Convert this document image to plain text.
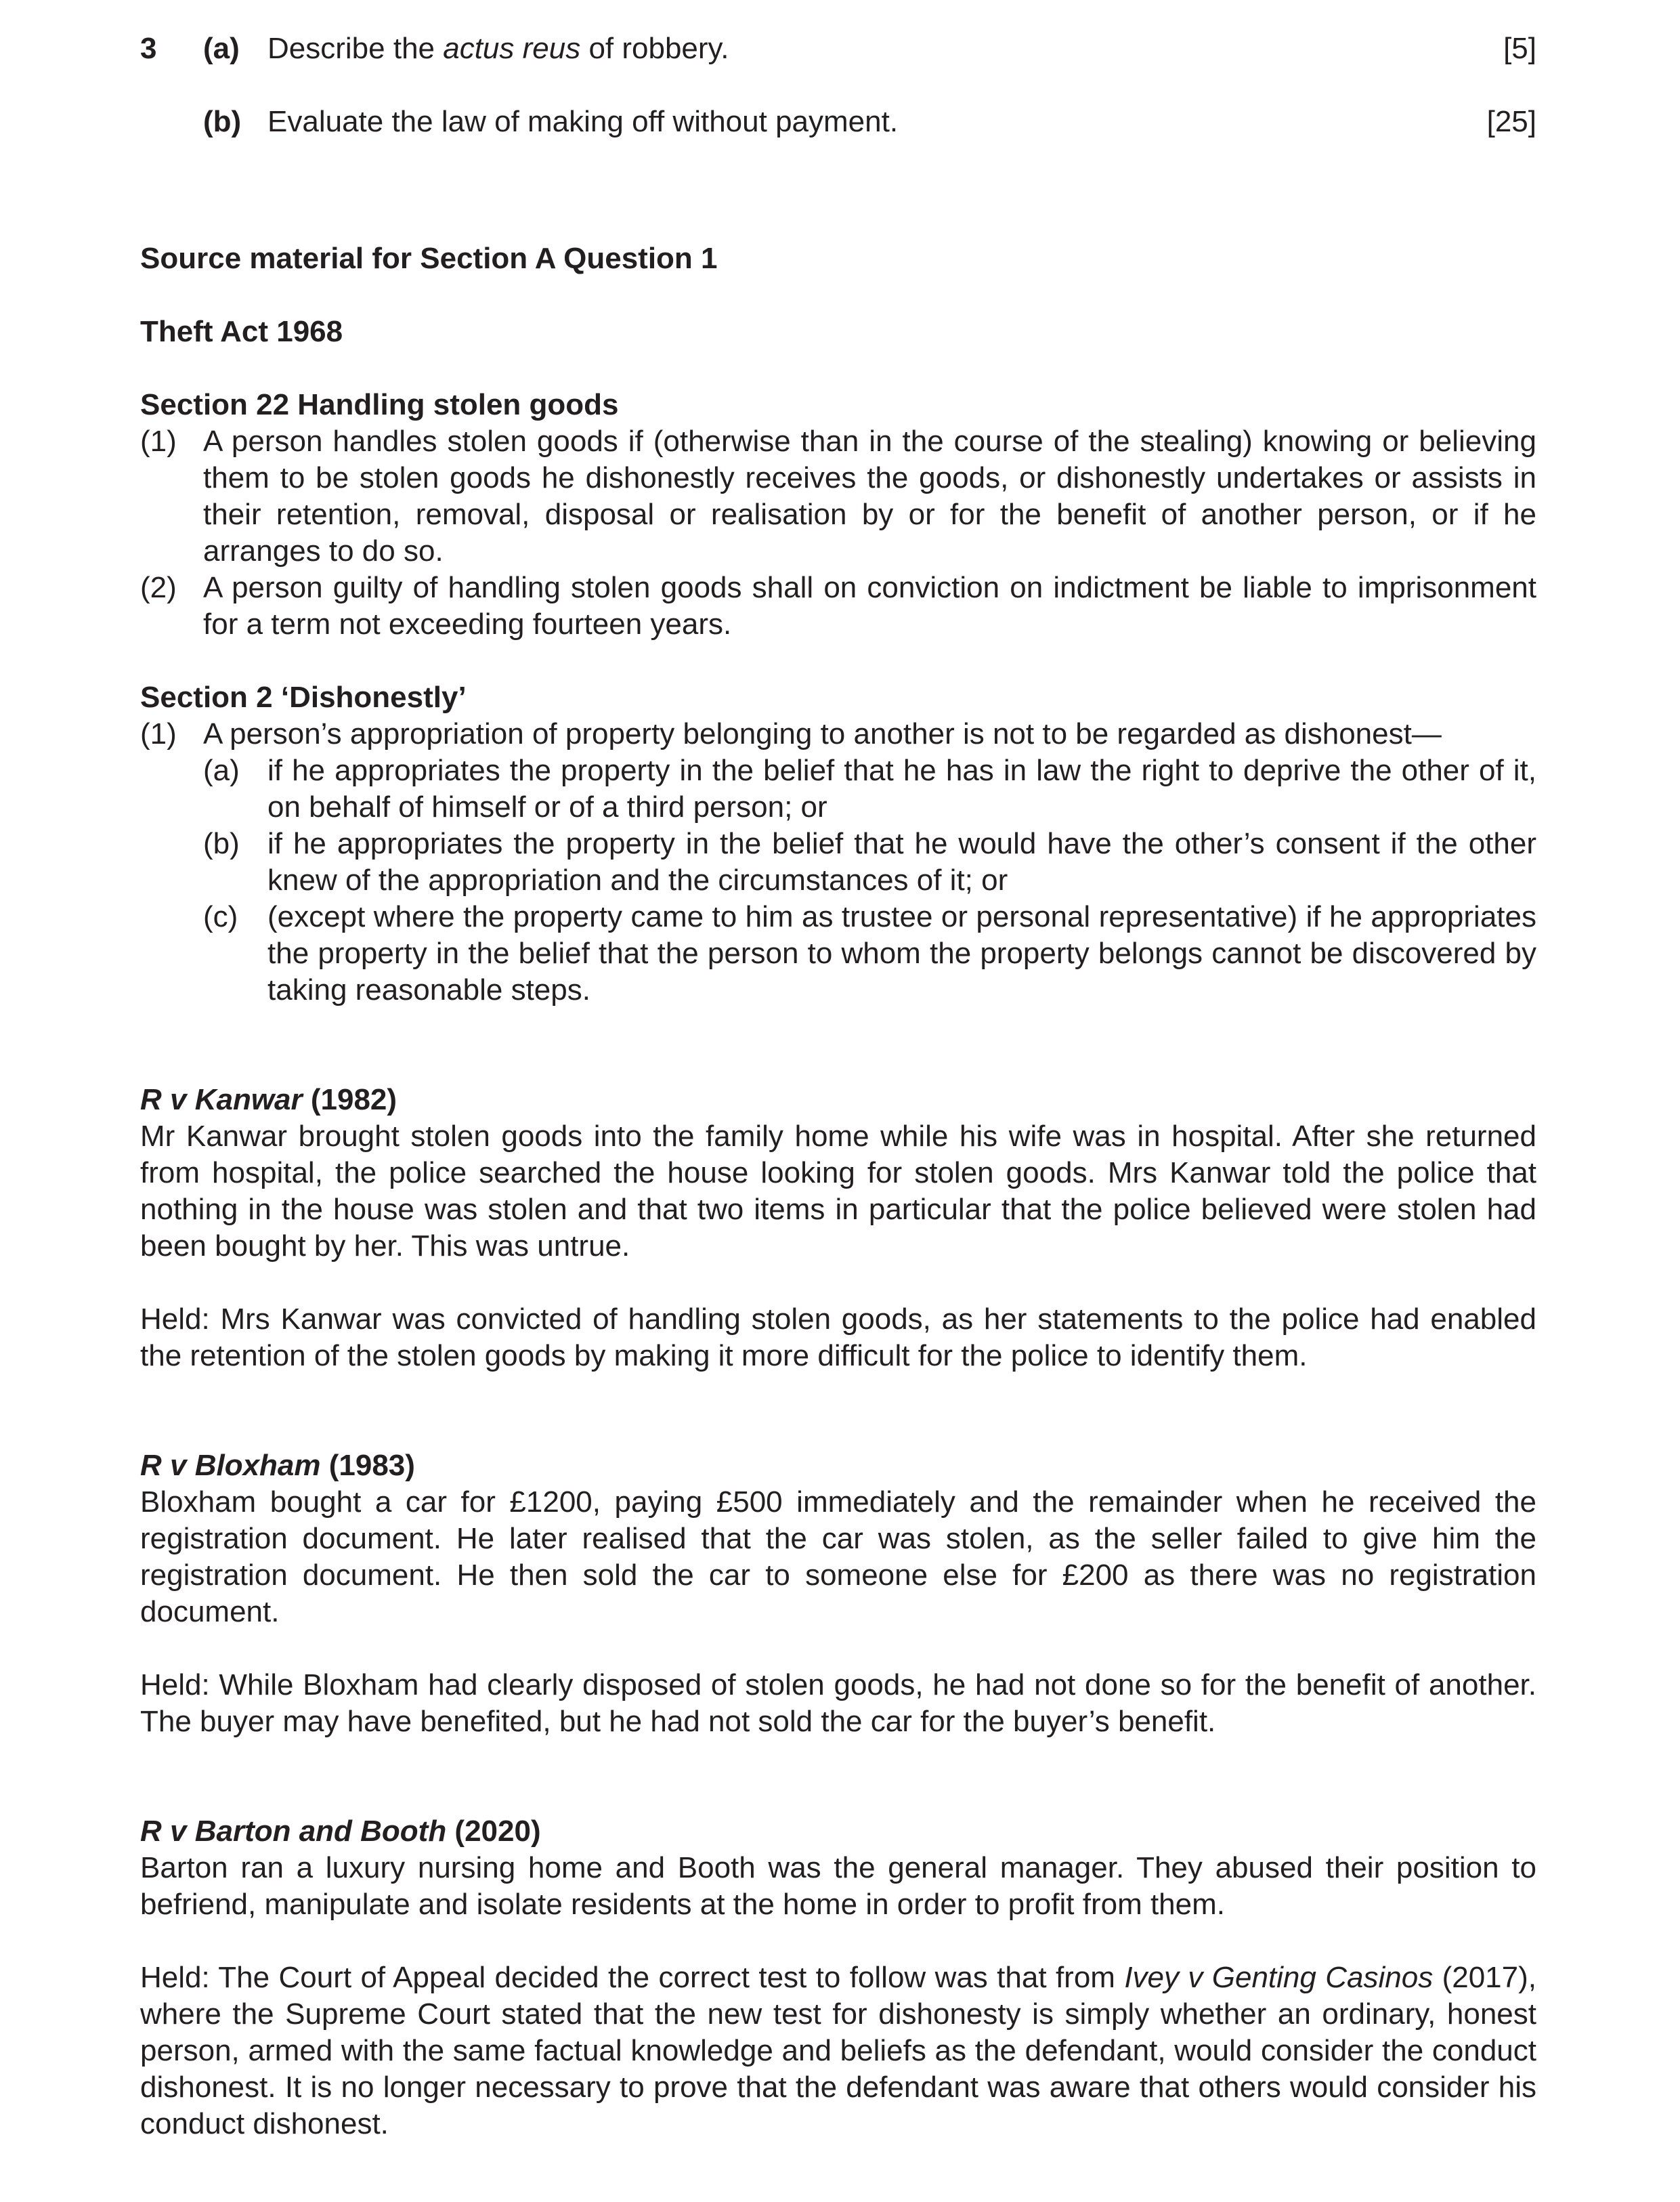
3 (a) Describe the actus reus of robbery.	[5]
(b) Evaluate the law of making off without payment.	[25]
Source material for Section A Question 1
Theft Act 1968
Section 22 Handling stolen goods
(1) A person handles stolen goods if (otherwise than in the course of the stealing) knowing or believing them to be stolen goods he dishonestly receives the goods, or dishonestly undertakes or assists in their retention, removal, disposal or realisation by or for the benefit of another person, or if he arranges to do so.
(2) A person guilty of handling stolen goods shall on conviction on indictment be liable to imprisonment for a term not exceeding fourteen years.
Section 2 ‘Dishonestly’
(1) A person’s appropriation of property belonging to another is not to be regarded as dishonest—
(a) if he appropriates the property in the belief that he has in law the right to deprive the other of it, on behalf of himself or of a third person; or
(b) if he appropriates the property in the belief that he would have the other’s consent if the other knew of the appropriation and the circumstances of it; or
(c) (except where the property came to him as trustee or personal representative) if he appropriates the property in the belief that the person to whom the property belongs cannot be discovered by taking reasonable steps.
R v Kanwar (1982)
Mr Kanwar brought stolen goods into the family home while his wife was in hospital. After she returned from hospital, the police searched the house looking for stolen goods. Mrs Kanwar told the police that nothing in the house was stolen and that two items in particular that the police believed were stolen had been bought by her. This was untrue.
Held: Mrs Kanwar was convicted of handling stolen goods, as her statements to the police had enabled the retention of the stolen goods by making it more difficult for the police to identify them.
R v Bloxham (1983)
Bloxham bought a car for £1200, paying £500 immediately and the remainder when he received the registration document. He later realised that the car was stolen, as the seller failed to give him the registration document. He then sold the car to someone else for £200 as there was no registration document.
Held: While Bloxham had clearly disposed of stolen goods, he had not done so for the benefit of another. The buyer may have benefited, but he had not sold the car for the buyer’s benefit.
R v Barton and Booth (2020)
Barton ran a luxury nursing home and Booth was the general manager. They abused their position to befriend, manipulate and isolate residents at the home in order to profit from them.
Held: The Court of Appeal decided the correct test to follow was that from Ivey v Genting Casinos (2017), where the Supreme Court stated that the new test for dishonesty is simply whether an ordinary, honest person, armed with the same factual knowledge and beliefs as the defendant, would consider the conduct dishonest. It is no longer necessary to prove that the defendant was aware that others would consider his conduct dishonest.
